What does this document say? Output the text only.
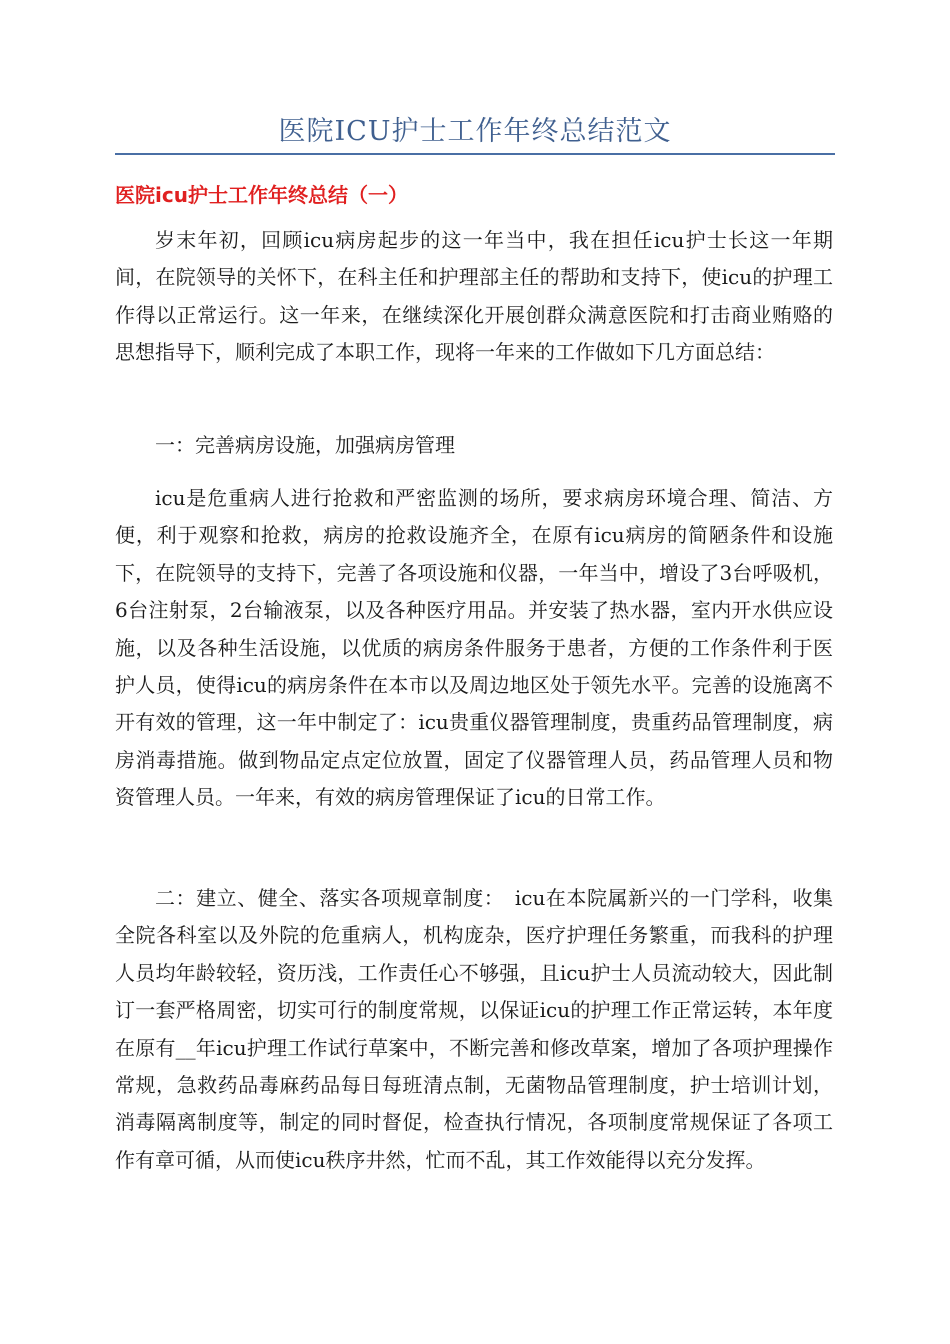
医院ICU护士工作年终总结范文
医院icu护士工作年终总结（一）

岁末年初，回顾icu病房起步的这一年当中，我在担任icu护士长这一年期间，在院领导的关怀下，在科主任和护理部主任的帮助和支持下，使icu的护理工作得以正常运行。这一年来，在继续深化开展创群众满意医院和打击商业贿赂的思想指导下，顺利完成了本职工作，现将一年来的工作做如下几方面总结：

一：完善病房设施，加强病房管理

icu是危重病人进行抢救和严密监测的场所，要求病房环境合理、简洁、方便，利于观察和抢救，病房的抢救设施齐全，在原有icu病房的简陋条件和设施下，在院领导的支持下，完善了各项设施和仪器，一年当中，增设了3台呼吸机，6台注射泵，2台输液泵，以及各种医疗用品。并安装了热水器，室内开水供应设施，以及各种生活设施，以优质的病房条件服务于患者，方便的工作条件利于医护人员，使得icu的病房条件在本市以及周边地区处于领先水平。完善的设施离不开有效的管理，这一年中制定了：icu贵重仪器管理制度，贵重药品管理制度，病房消毒措施。做到物品定点定位放置，固定了仪器管理人员，药品管理人员和物资管理人员。一年来，有效的病房管理保证了icu的日常工作。

二：建立、健全、落实各项规章制度：　icu在本院属新兴的一门学科，收集全院各科室以及外院的危重病人，机构庞杂，医疗护理任务繁重，而我科的护理人员均年龄较轻，资历浅，工作责任心不够强，且icu护士人员流动较大，因此制订一套严格周密，切实可行的制度常规，以保证icu的护理工作正常运转，本年度在原有__年icu护理工作试行草案中，不断完善和修改草案，增加了各项护理操作常规，急救药品毒麻药品每日每班清点制，无菌物品管理制度，护士培训计划，消毒隔离制度等，制定的同时督促，检查执行情况，各项制度常规保证了各项工作有章可循，从而使icu秩序井然，忙而不乱，其工作效能得以充分发挥。
